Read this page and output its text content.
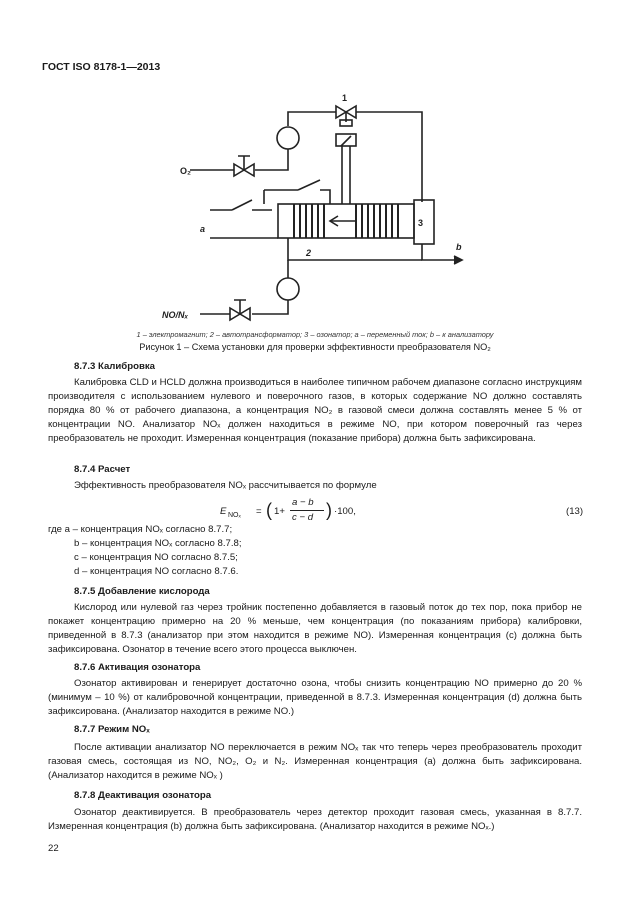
ГОСТ ISO 8178-1—2013
1
2
3
O₂
a
b
NO/Nₓ
1 – электромагнит; 2 – автотрансформатор; 3 – озонатор; a – переменный ток; b – к анализатору
Рисунок 1 – Схема установки для проверки эффективности преобразователя NO₂
8.7.3 Калибровка
Калибровка CLD и HCLD должна производиться в наиболее типичном рабочем диапазоне согласно инструкциям производителя с использованием нулевого и поверочного газов, в которых содержание NO должно составлять порядка 80 % от рабочего диапазона, а концентрация NO₂ в газовой смеси должна составлять менее 5 % от концентрации NO. Анализатор NOₓ должен находиться в режиме NO, при котором поверочный газ через преобразователь не проходит. Измеренная концентрация (показание прибора) должна быть зафиксирована.
8.7.4 Расчет
Эффективность преобразователя NOₓ рассчитывается по формуле
E NOₓ = ( 1+
a − b
c − d ) ·100,	(13)
где a – концентрация NOₓ согласно 8.7.7;
b – концентрация NOₓ согласно 8.7.8;
c – концентрация NO согласно 8.7.5;
d – концентрация NO согласно 8.7.6.
8.7.5 Добавление кислорода
Кислород или нулевой газ через тройник постепенно добавляется в газовый поток до тех пор, пока прибор не покажет концентрацию примерно на 20 % меньше, чем концентрация (по показаниям прибора) калибровки, приведенной в 8.7.3 (анализатор при этом находится в режиме NO). Измеренная концентрация (c) должна быть зафиксирована. Озонатор в течение всего этого процесса выключен.
8.7.6 Активация озонатора
Озонатор активирован и генерирует достаточно озона, чтобы снизить концентрацию NO примерно до 20 % (минимум – 10 %) от калибровочной концентрации, приведенной в 8.7.3. Измеренная концентрация (d) должна быть зафиксирована. (Анализатор находится в режиме NO.)
8.7.7 Режим NOₓ
После активации анализатор NO переключается в режим NOₓ так что теперь через преобразователь проходит газовая смесь, состоящая из NO, NO₂, O₂ и N₂. Измеренная концентрация (a) должна быть зафиксирована. (Анализатор находится в режиме NOₓ )
8.7.8 Деактивация озонатора
Озонатор деактивируется. В преобразователь через детектор проходит газовая смесь, указанная в 8.7.7. Измеренная концентрация (b) должна быть зафиксирована. (Анализатор находится в режиме NOₓ.)
22
